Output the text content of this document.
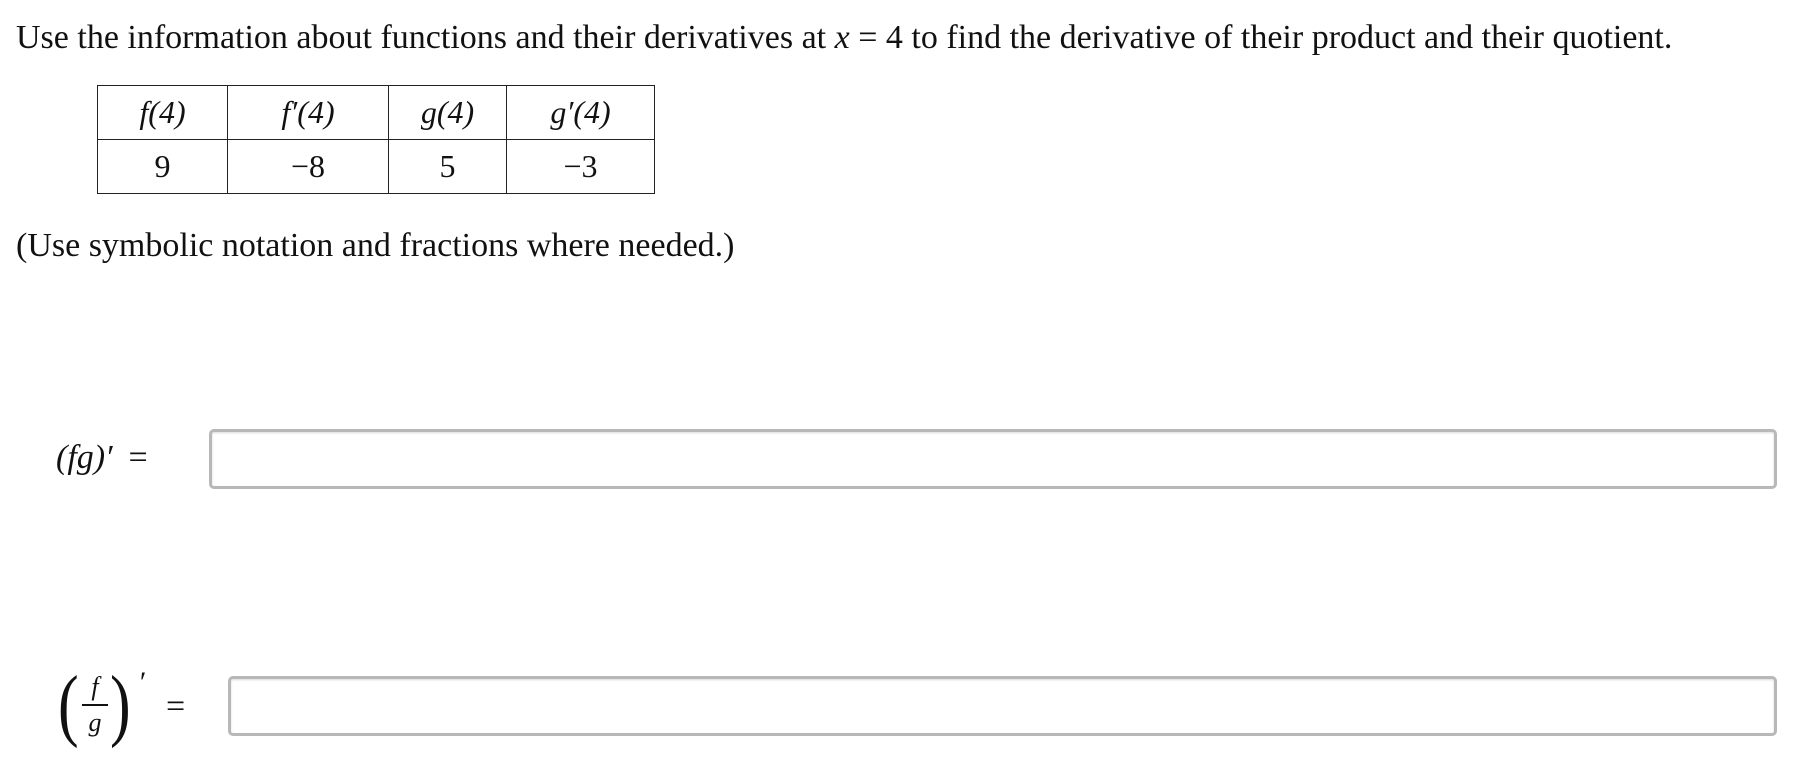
Use the information about functions and their derivatives at x = 4 to find the derivative of their product and their quotient.
f(4)	f′(4)	g(4)	g′(4)
9	−8	5	−3
(Use symbolic notation and fractions where needed.)
(fg)′ =
( f
g ) ′
=
